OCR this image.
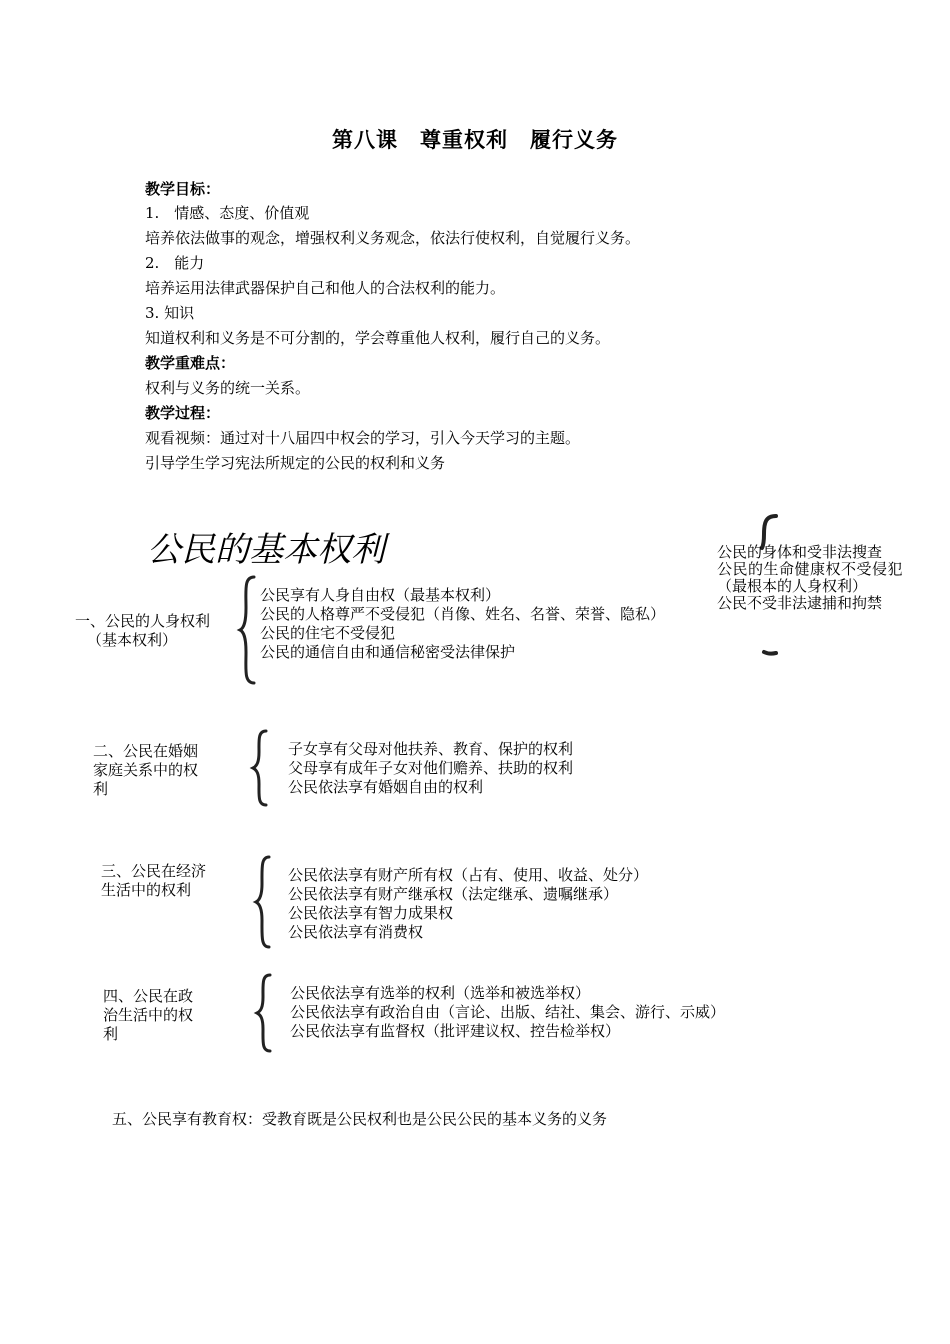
第八课　尊重权利　履行义务
教学目标：
1.　情感、态度、价值观
培养依法做事的观念，增强权利义务观念，依法行使权利，自觉履行义务。
2.　能力
培养运用法律武器保护自己和他人的合法权利的能力。
3. 知识
知道权利和义务是不可分割的，学会尊重他人权利，履行自己的义务。
教学重难点：
权利与义务的统一关系。
教学过程：
观看视频：通过对十八届四中权会的学习，引入今天学习的主题。
引导学生学习宪法所规定的公民的权利和义务
公民的基本权利	公民的身体和受非法搜查
公民的生命健康权不受侵犯
（最根本的人身权利）
公民不受非法逮捕和拘禁
一、公民的人身权利
（基本权利）
公民享有人身自由权（最基本权利）
公民的人格尊严不受侵犯（肖像、姓名、名誉、荣誉、隐私）
公民的住宅不受侵犯
公民的通信自由和通信秘密受法律保护
二、公民在婚姻
家庭关系中的权
利
子女享有父母对他扶养、教育、保护的权利
父母享有成年子女对他们赡养、扶助的权利
公民依法享有婚姻自由的权利
三、公民在经济
生活中的权利
公民依法享有财产所有权（占有、使用、收益、处分）
公民依法享有财产继承权（法定继承、遗嘱继承）
公民依法享有智力成果权
公民依法享有消费权
四、公民在政
治生活中的权
利
公民依法享有选举的权利（选举和被选举权）
公民依法享有政治自由（言论、出版、结社、集会、游行、示威）
公民依法享有监督权（批评建议权、控告检举权）
五、公民享有教育权：受教育既是公民权利也是公民公民的基本义务的义务
